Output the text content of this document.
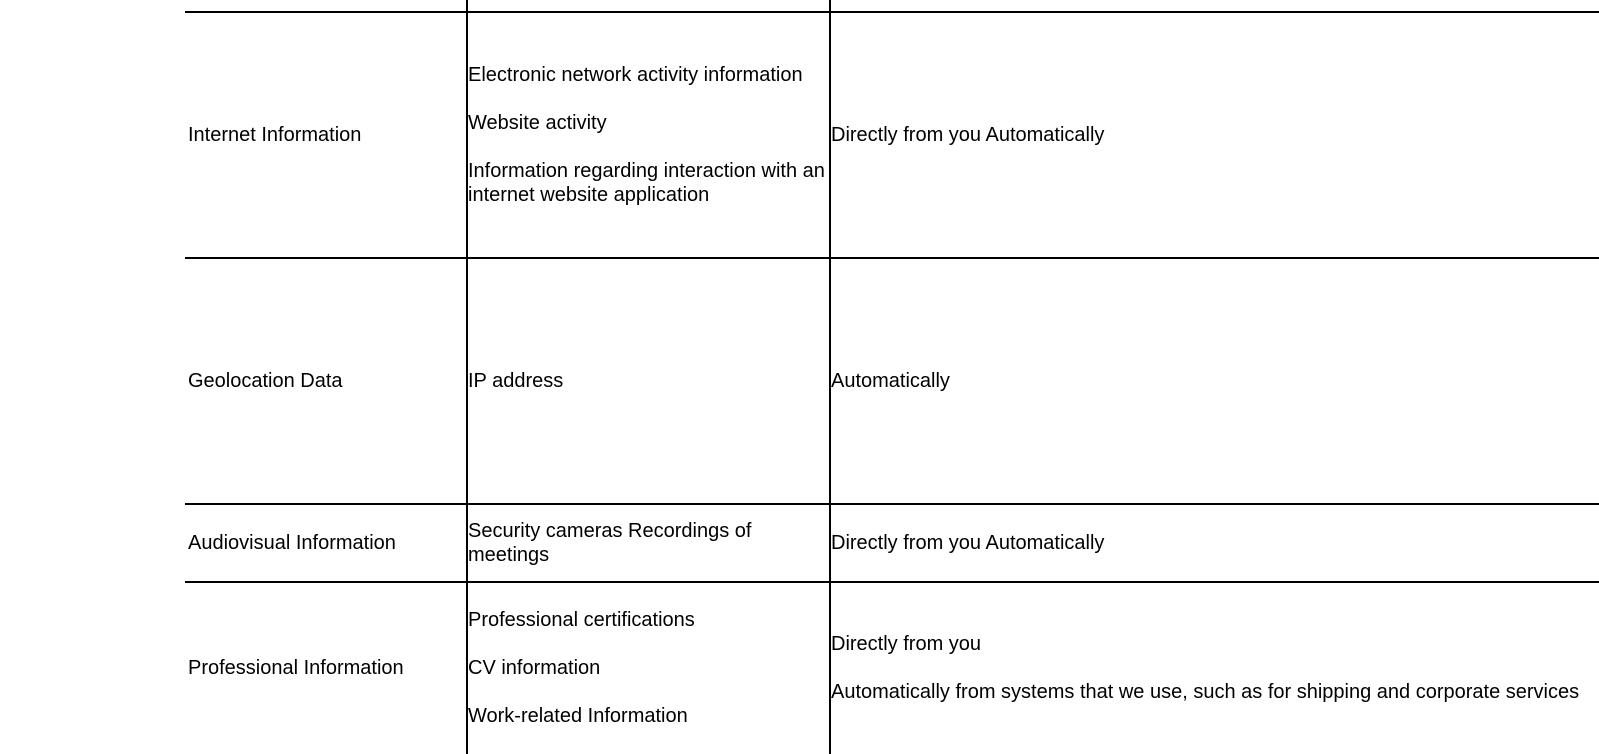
Internet Information
Electronic network activity information
Website activity
Information regarding interaction with an internet website application
Directly from you Automatically
Geolocation Data	IP address	Automatically
Audiovisual Information
Security cameras Recordings of meetings
Directly from you Automatically
Professional Information
Professional certifications
CV information
Work-related Information
Directly from you
Automatically from systems that we use, such as for shipping and corporate services
